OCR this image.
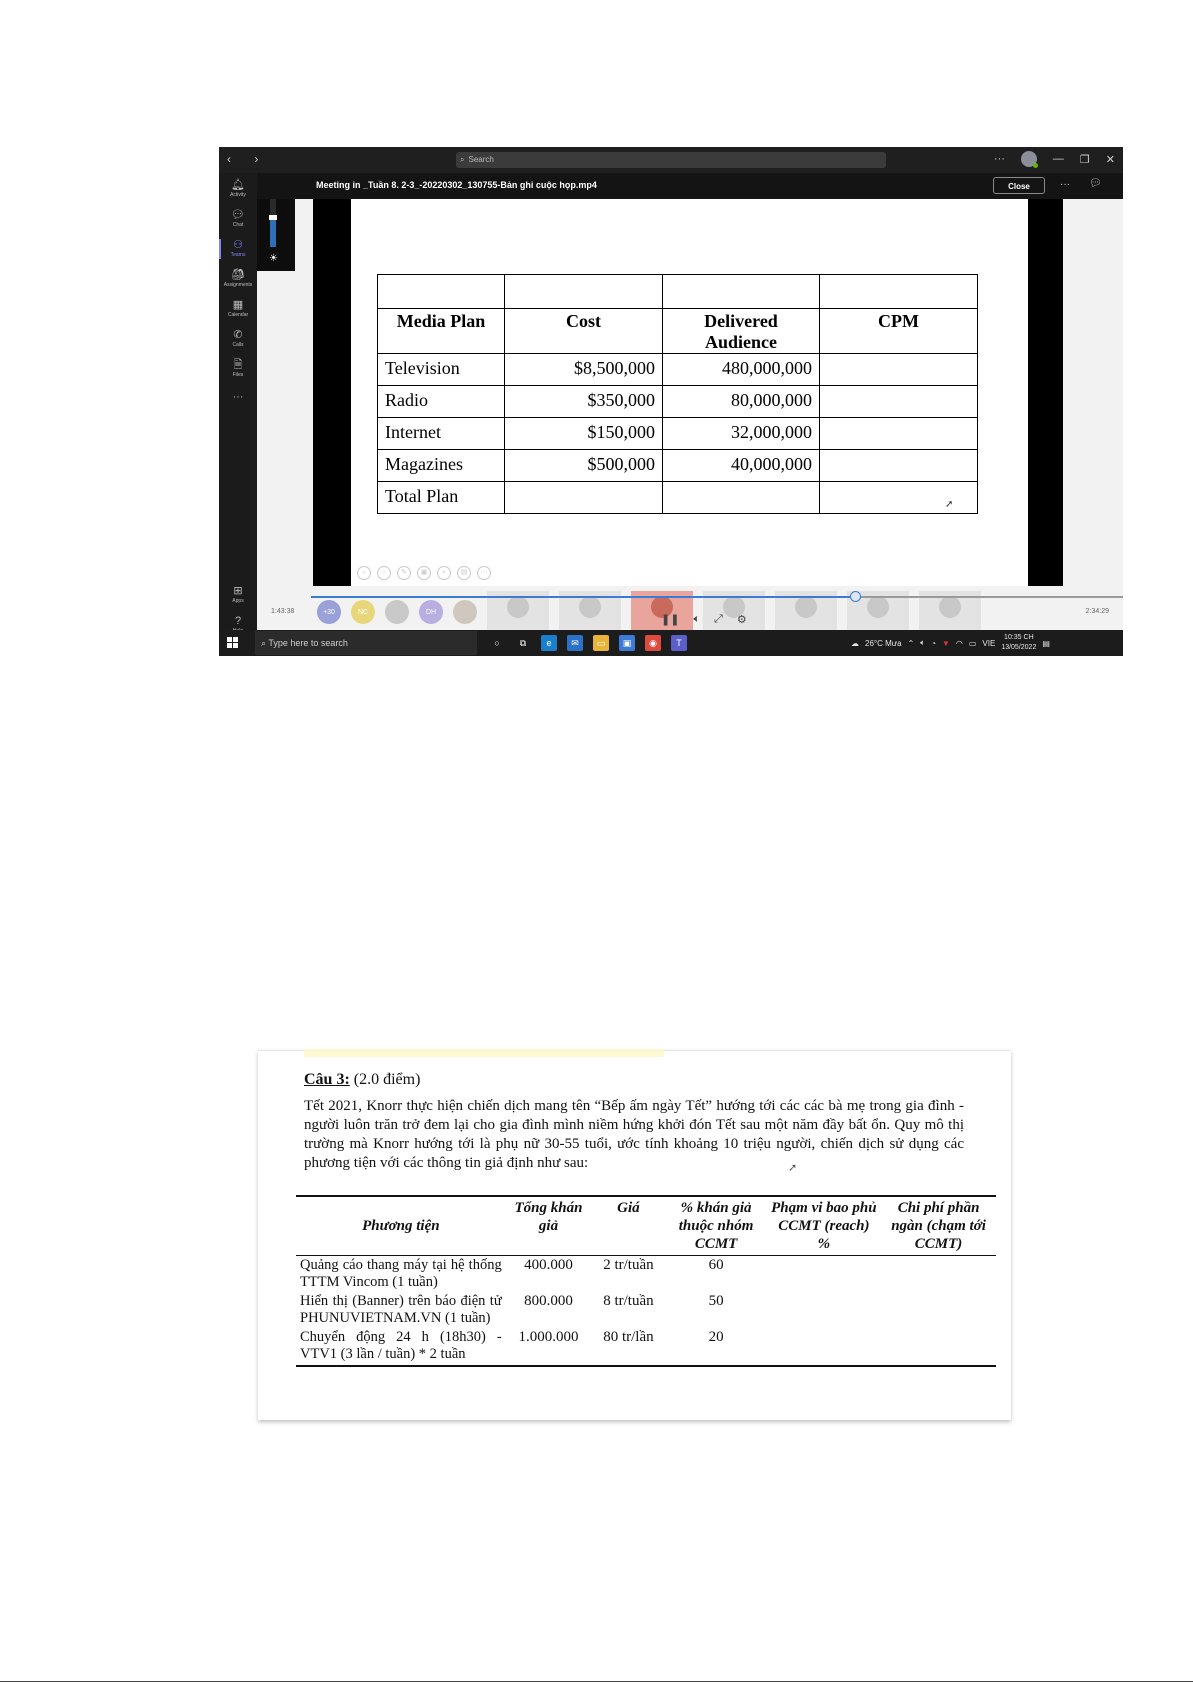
‹ ›	⌕ Search	···	— ❐ ✕
🔔︎
Activity
💬︎
Chat
⚇
Teams
🎒︎
Assignments
▦
Calendar
✆
Calls
🗎
Files
···
⊞
Apps
?
Meeting in _Tuần 8. 2-3_-20220302_130755-Bản ghi cuộc họp.mp4	Close	··· 💬︎

Media Plan	Cost	Delivered Audience	CPM
Television	$8,500,000	480,000,000	
Radio	$350,000	80,000,000	
Internet	$150,000	32,000,000	
Magazines	$500,000	40,000,000	
Total Plan				➚
☀
‹	›	✎	▣	⌕	▤	⋯
+30	NC	DH
1:43:38	2:34:29
❚❚ 🔈︎ ⤢ ⚙
⌕ Type here to search	○	⧉	e	✉	▭	▣	◉	T	☁ 26°C Mưa ⌃ 🔈︎ ◔ ▼ ◠ ▭ VIE
10:35 CH
13/05/2022 ▤
Câu 3: (2.0 điểm)
Tết 2021, Knorr thực hiện chiến dịch mang tên “Bếp ấm ngày Tết” hướng tới các các bà mẹ trong gia đình - người luôn trăn trở đem lại cho gia đình mình niềm hứng khởi đón Tết sau một năm đầy bất ổn. Quy mô thị trường mà Knorr hướng tới là phụ nữ 30-55 tuổi, ước tính khoảng 10 triệu người, chiến dịch sử dụng các phương tiện với các thông tin giả định như sau:	➚
Phương tiện	Tổng khán giả	Giá	% khán giả thuộc nhóm CCMT	Phạm vi bao phủ CCMT (reach) %	Chi phí phần ngàn (chạm tới CCMT)
Quảng cáo thang máy tại hệ thống TTTM Vincom (1 tuần)	400.000	2 tr/tuần	60		
Hiển thị (Banner) trên báo điện tử PHUNUVIETNAM.VN (1 tuần)	800.000	8 tr/tuần	50		
Chuyển động 24 h (18h30) - VTV1 (3 lần / tuần) * 2 tuần	1.000.000	80 tr/lần	20		
